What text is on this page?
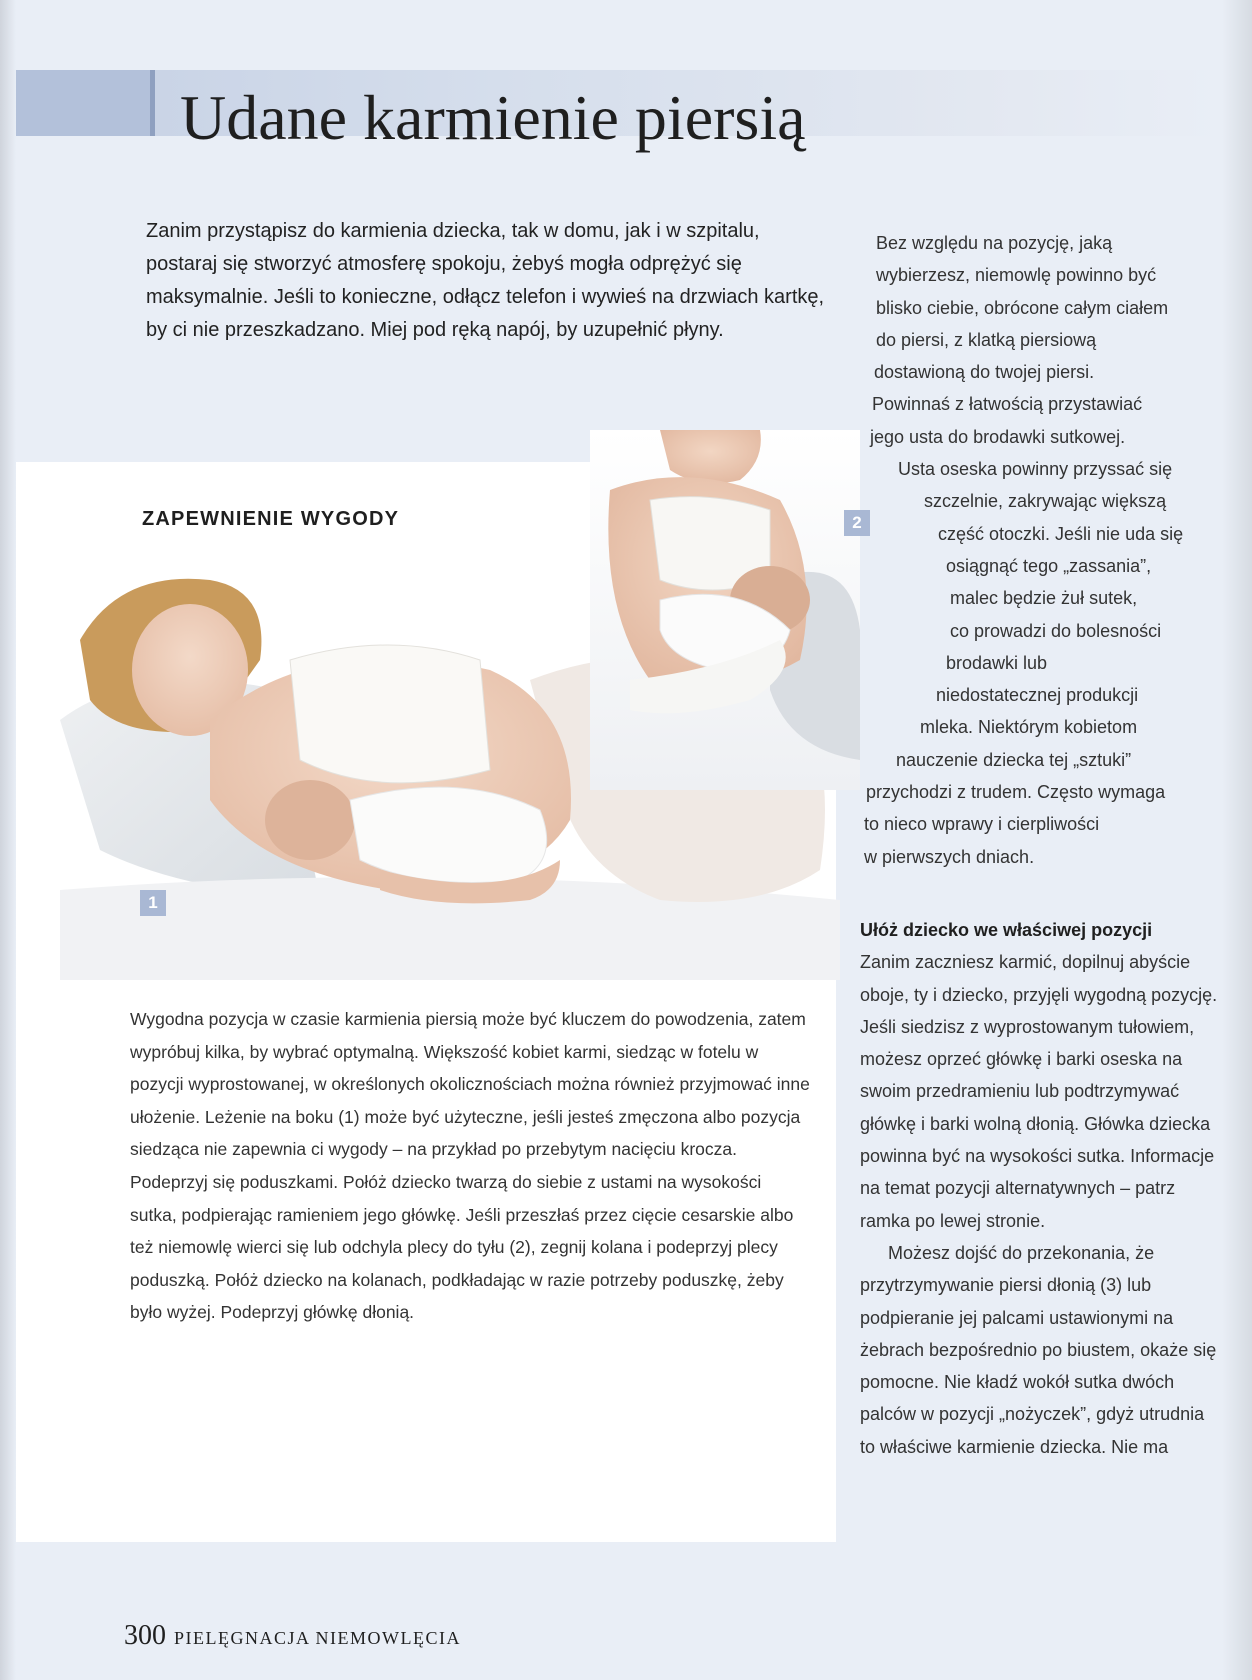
Udane karmienie piersią

Zanim przystąpisz do karmienia dziecka, tak w domu, jak i w szpitalu, postaraj się stworzyć atmosferę spokoju, żebyś mogła odprężyć się maksymalnie. Jeśli to konieczne, odłącz telefon i wywieś na drzwiach kartkę, by ci nie przeszkadzano. Miej pod ręką napój, by uzupełnić płyny.

ZAPEWNIENIE WYGODY
1
2

Wygodna pozycja w czasie karmienia piersią może być kluczem do powodzenia, zatem wypróbuj kilka, by wybrać optymalną. Większość kobiet karmi, siedząc w fotelu w pozycji wyprostowanej, w określonych okolicznościach można również przyjmować inne ułożenie. Leżenie na boku (1) może być użyteczne, jeśli jesteś zmęczona albo pozycja siedząca nie zapewnia ci wygody – na przykład po przebytym nacięciu krocza. Podeprzyj się poduszkami. Połóż dziecko twarzą do siebie z ustami na wysokości sutka, podpierając ramieniem jego główkę. Jeśli przeszłaś przez cięcie cesarskie albo też niemowlę wierci się lub odchyla plecy do tyłu (2), zegnij kolana i podeprzyj plecy poduszką. Połóż dziecko na kolanach, podkładając w razie potrzeby poduszkę, żeby było wyżej. Podeprzyj główkę dłonią.

Bez względu na pozycję, jaką
wybierzesz, niemowlę powinno być
blisko ciebie, obrócone całym ciałem
do piersi, z klatką piersiową
dostawioną do twojej piersi.
Powinnaś z łatwością przystawiać
jego usta do brodawki sutkowej.
Usta oseska powinny przyssać się
szczelnie, zakrywając większą
część otoczki. Jeśli nie uda się
osiągnąć tego „zassania”,
malec będzie żuł sutek,
co prowadzi do bolesności
brodawki lub
niedostatecznej produkcji
mleka. Niektórym kobietom
nauczenie dziecka tej „sztuki”
przychodzi z trudem. Często wymaga
to nieco wprawy i cierpliwości
w pierwszych dniach.
Ułóż dziecko we właściwej pozycji

Zanim zaczniesz karmić, dopilnuj abyście oboje, ty i dziecko, przyjęli wygodną pozycję. Jeśli siedzisz z wyprostowanym tułowiem, możesz oprzeć główkę i barki oseska na swoim przedramieniu lub podtrzymywać główkę i barki wolną dłonią. Główka dziecka powinna być na wysokości sutka. Informacje na temat pozycji alternatywnych – patrz ramka po lewej stronie.

Możesz dojść do przekonania, że przytrzymywanie piersi dłonią (3) lub podpieranie jej palcami ustawionymi na żebrach bezpośrednio po biustem, okaże się pomocne. Nie kładź wokół sutka dwóch palców w pozycji „nożyczek”, gdyż utrudnia to właściwe karmienie dziecka. Nie ma

300 PIELĘGNACJA NIEMOWLĘCIA
